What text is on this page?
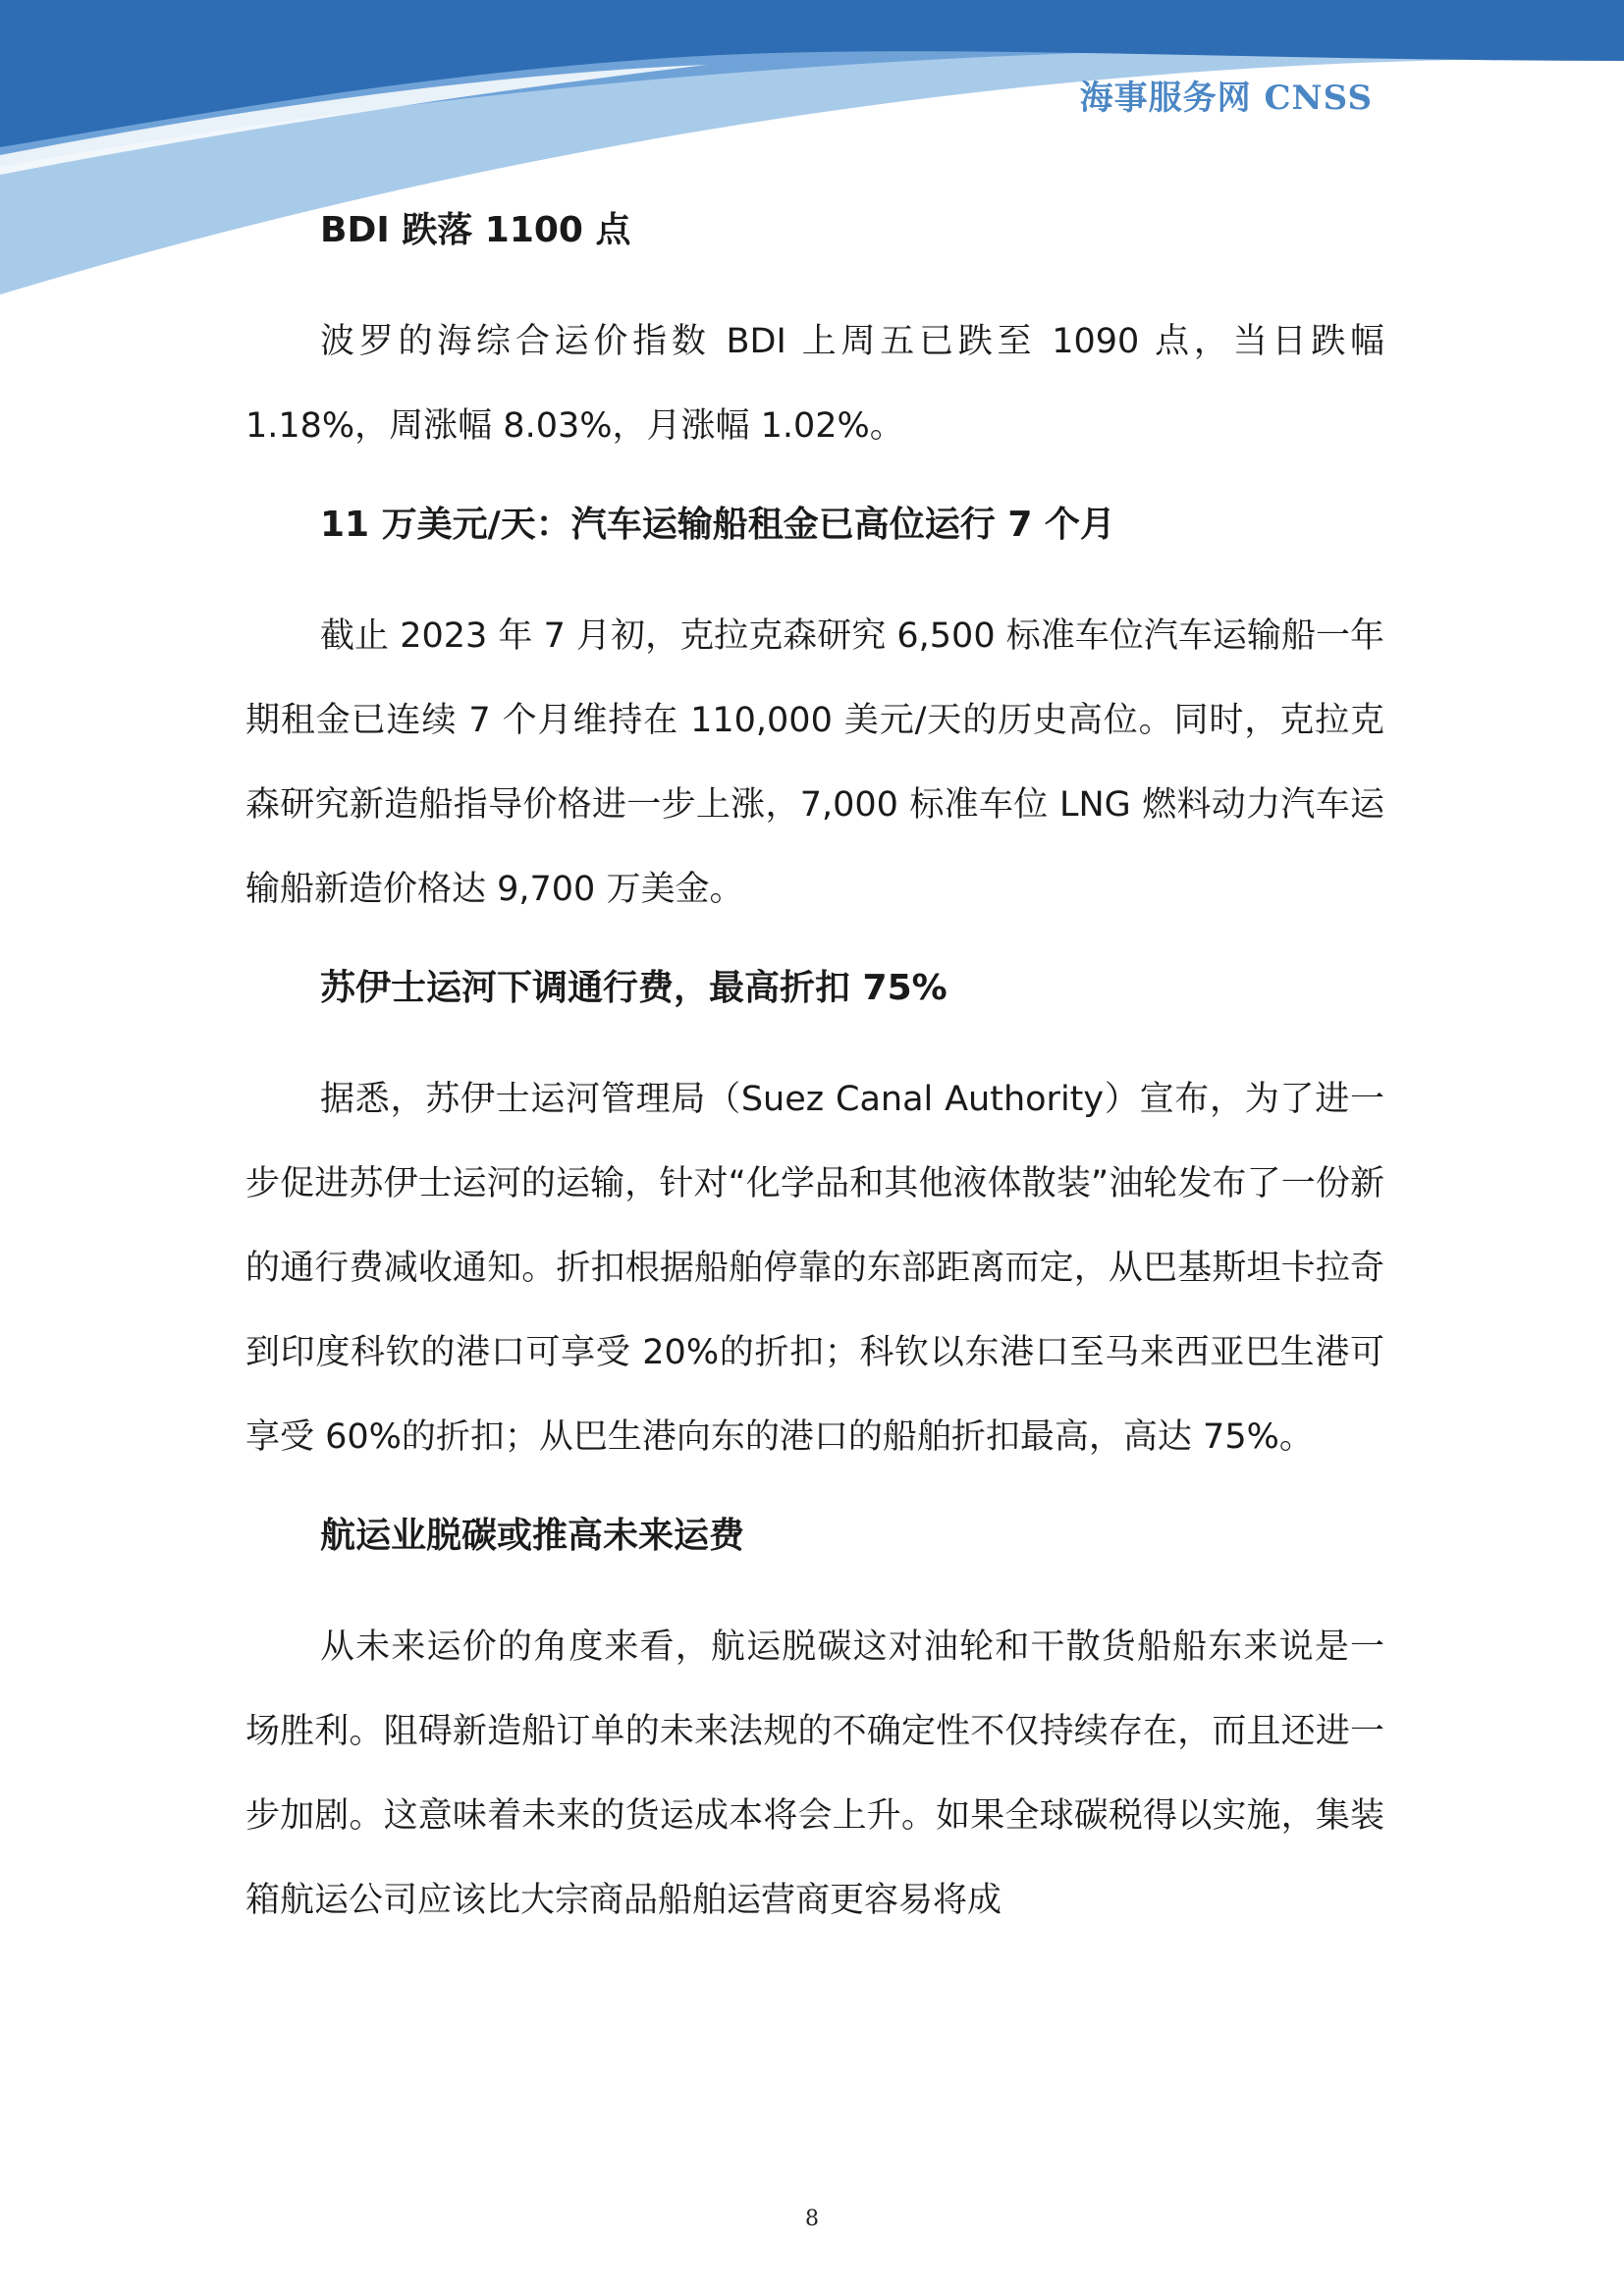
海事服务网 CNSS
BDI 跌落 1100 点

波罗的海综合运价指数 BDI 上周五已跌至 1090 点，当日跌幅 1.18%，周涨幅 8.03%，月涨幅 1.02%。

11 万美元/天：汽车运输船租金已高位运行 7 个月

截止 2023 年 7 月初，克拉克森研究 6,500 标准车位汽车运输船一年期租金已连续 7 个月维持在 110,000 美元/天的历史高位。同时，克拉克森研究新造船指导价格进一步上涨，7,000 标准车位 LNG 燃料动力汽车运输船新造价格达 9,700 万美金。

苏伊士运河下调通行费，最高折扣 75%

据悉，苏伊士运河管理局（Suez Canal Authority）宣布，为了进一步促进苏伊士运河的运输，针对“化学品和其他液体散装”油轮发布了一份新的通行费减收通知。折扣根据船舶停靠的东部距离而定，从巴基斯坦卡拉奇到印度科钦的港口可享受 20%的折扣；科钦以东港口至马来西亚巴生港可享受 60%的折扣；从巴生港向东的港口的船舶折扣最高，高达 75%。

航运业脱碳或推高未来运费

从未来运价的角度来看，航运脱碳这对油轮和干散货船船东来说是一场胜利。阻碍新造船订单的未来法规的不确定性不仅持续存在，而且还进一步加剧。这意味着未来的货运成本将会上升。如果全球碳税得以实施，集装箱航运公司应该比大宗商品船舶运营商更容易将成

8
